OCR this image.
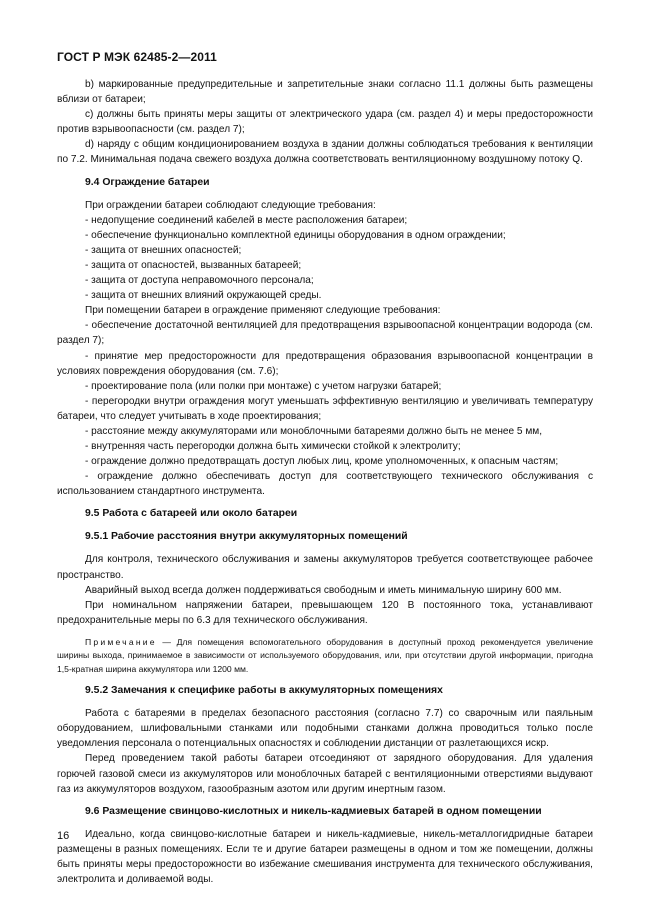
ГОСТ Р МЭК 62485-2—2011

b) маркированные предупредительные и запретительные знаки согласно 11.1 должны быть размещены вблизи от батареи;

c) должны быть приняты меры защиты от электрического удара (см. раздел 4) и меры предосторожности против взрывоопасности (см. раздел 7);

d) наряду с общим кондиционированием воздуха в здании должны соблюдаться требования к вентиляции по 7.2. Минимальная подача свежего воздуха должна соответствовать вентиляционному воздушному потоку Q.

9.4 Ограждение батареи

При ограждении батареи соблюдают следующие требования:

- недопущение соединений кабелей в месте расположения батареи;

- обеспечение функционально комплектной единицы оборудования в одном ограждении;

- защита от внешних опасностей;

- защита от опасностей, вызванных батареей;

- защита от доступа неправомочного персонала;

- защита от внешних влияний окружающей среды.

При помещении батареи в ограждение применяют следующие требования:

- обеспечение достаточной вентиляцией для предотвращения взрывоопасной концентрации водорода (см. раздел 7);

- принятие мер предосторожности для предотвращения образования взрывоопасной концентрации в условиях повреждения оборудования (см. 7.6);

- проектирование пола (или полки при монтаже) с учетом нагрузки батарей;

- перегородки внутри ограждения могут уменьшать эффективную вентиляцию и увеличивать температуру батареи, что следует учитывать в ходе проектирования;

- расстояние между аккумуляторами или моноблочными батареями должно быть не менее 5 мм,

- внутренняя часть перегородки должна быть химически стойкой к электролиту;

- ограждение должно предотвращать доступ любых лиц, кроме уполномоченных, к опасным частям;

- ограждение должно обеспечивать доступ для соответствующего технического обслуживания с использованием стандартного инструмента.

9.5 Работа с батареей или около батареи
9.5.1 Рабочие расстояния внутри аккумуляторных помещений

Для контроля, технического обслуживания и замены аккумуляторов требуется соответствующее рабочее пространство.

Аварийный выход всегда должен поддерживаться свободным и иметь минимальную ширину 600 мм.

При номинальном напряжении батареи, превышающем 120 В постоянного тока, устанавливают предохранительные меры по 6.3 для технического обслуживания.

Примечание — Для помещения вспомогательного оборудования в доступный проход рекомендуется увеличение ширины выхода, принимаемое в зависимости от используемого оборудования, или, при отсутствии другой информации, пригодна 1,5-кратная ширина аккумулятора или 1200 мм.

9.5.2 Замечания к специфике работы в аккумуляторных помещениях

Работа с батареями в пределах безопасного расстояния (согласно 7.7) со сварочным или паяльным оборудованием, шлифовальными станками или подобными станками должна проводиться только после уведомления персонала о потенциальных опасностях и соблюдении дистанции от разлетающихся искр.

Перед проведением такой работы батареи отсоединяют от зарядного оборудования. Для удаления горючей газовой смеси из аккумуляторов или моноблочных батарей с вентиляционными отверстиями выдувают газ из аккумуляторов воздухом, газообразным азотом или другим инертным газом.

9.6 Размещение свинцово-кислотных и никель-кадмиевых батарей в одном помещении

Идеально, когда свинцово-кислотные батареи и никель-кадмиевые, никель-металлогидридные батареи размещены в разных помещениях. Если те и другие батареи размещены в одном и том же помещении, должны быть приняты меры предосторожности во избежание смешивания инструмента для технического обслуживания, электролита и доливаемой воды.

16
